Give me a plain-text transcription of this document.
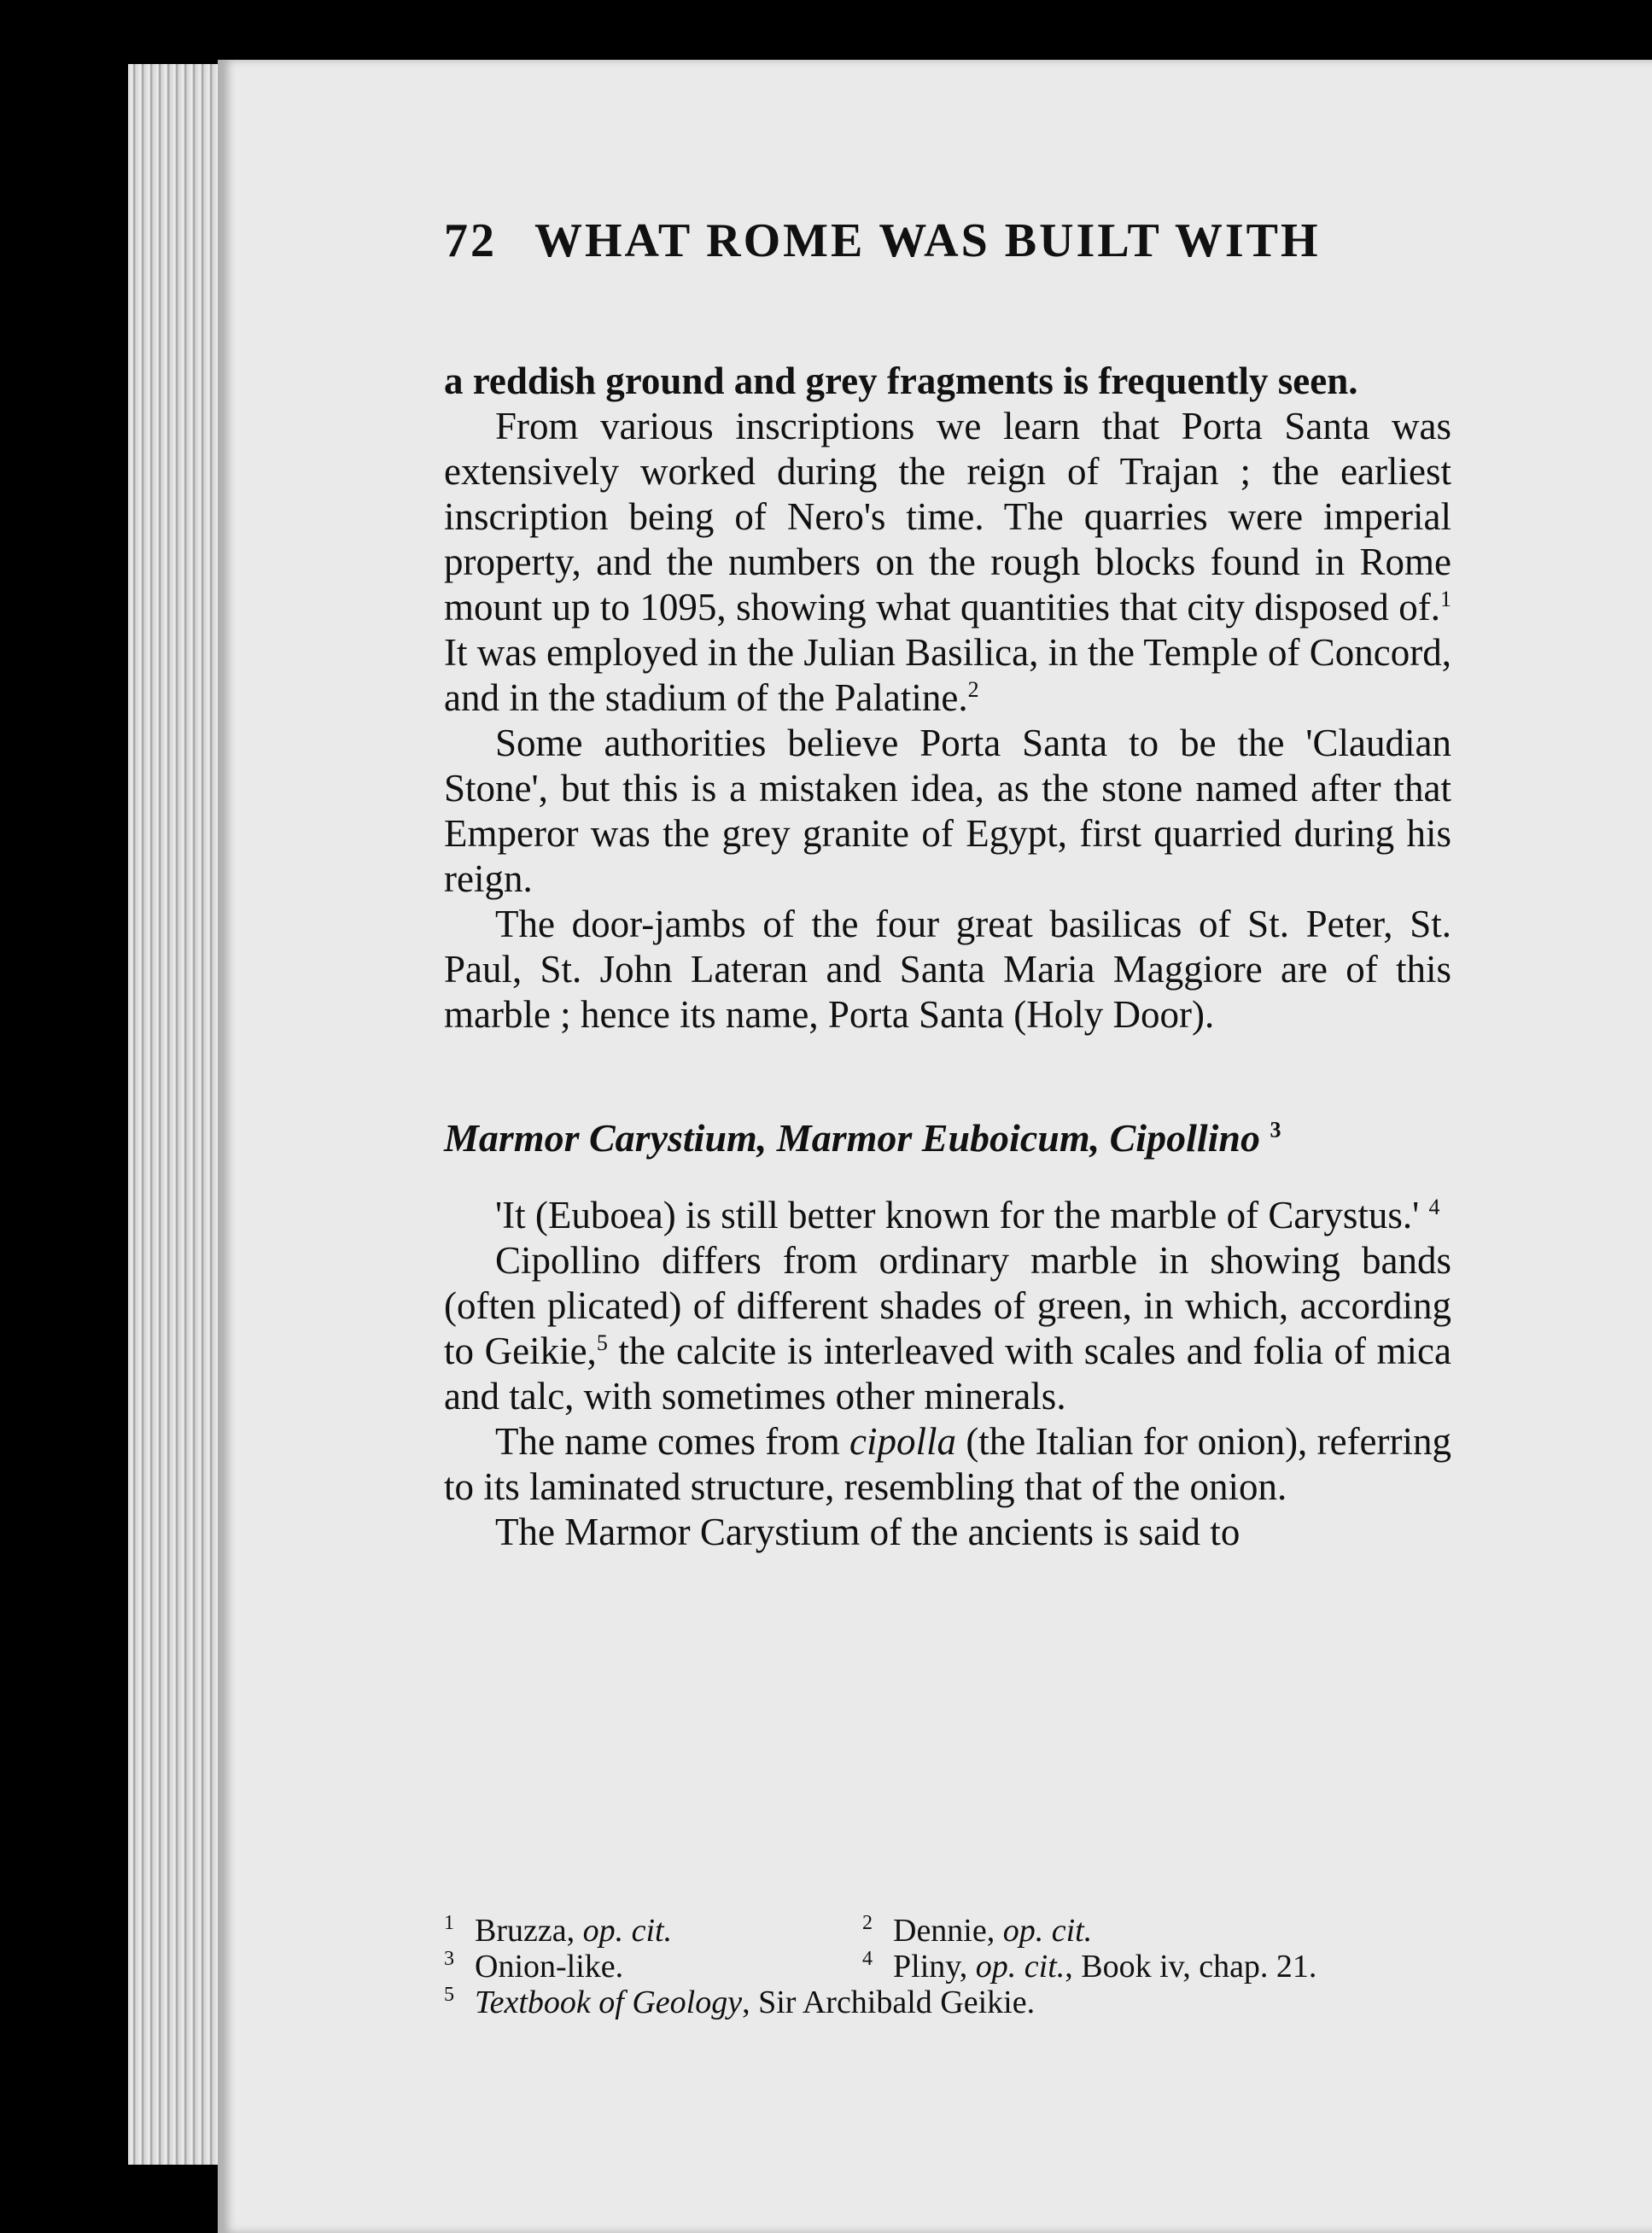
72 WHAT ROME WAS BUILT WITH

a reddish ground and grey fragments is frequently seen.

From various inscriptions we learn that Porta Santa was extensively worked during the reign of Trajan ; the earliest inscription being of Nero's time. The quarries were imperial property, and the numbers on the rough blocks found in Rome mount up to 1095, showing what quantities that city disposed of.$^1$ It was employed in the Julian Basilica, in the Temple of Concord, and in the stadium of the Palatine.$^2$

Some authorities believe Porta Santa to be the 'Claudian Stone', but this is a mistaken idea, as the stone named after that Emperor was the grey granite of Egypt, first quarried during his reign.

The door-jambs of the four great basilicas of St. Peter, St. Paul, St. John Lateran and Santa Maria Maggiore are of this marble ; hence its name, Porta Santa (Holy Door).

Marmor Carystium, Marmor Euboicum, Cipollino $^3$

'It (Euboea) is still better known for the marble of Carystus.' $^4$

Cipollino differs from ordinary marble in showing bands (often plicated) of different shades of green, in which, according to Geikie,$^5$ the calcite is interleaved with scales and folia of mica and talc, with sometimes other minerals.

The name comes from cipolla (the Italian for onion), referring to its laminated structure, resembling that of the onion.

The Marmor Carystium of the ancients is said to

1 Bruzza, op. cit.	2 Dennie, op. cit.
3 Onion-like.	4 Pliny, op. cit., Book iv, chap. 21.
5 Textbook of Geology, Sir Archibald Geikie.
